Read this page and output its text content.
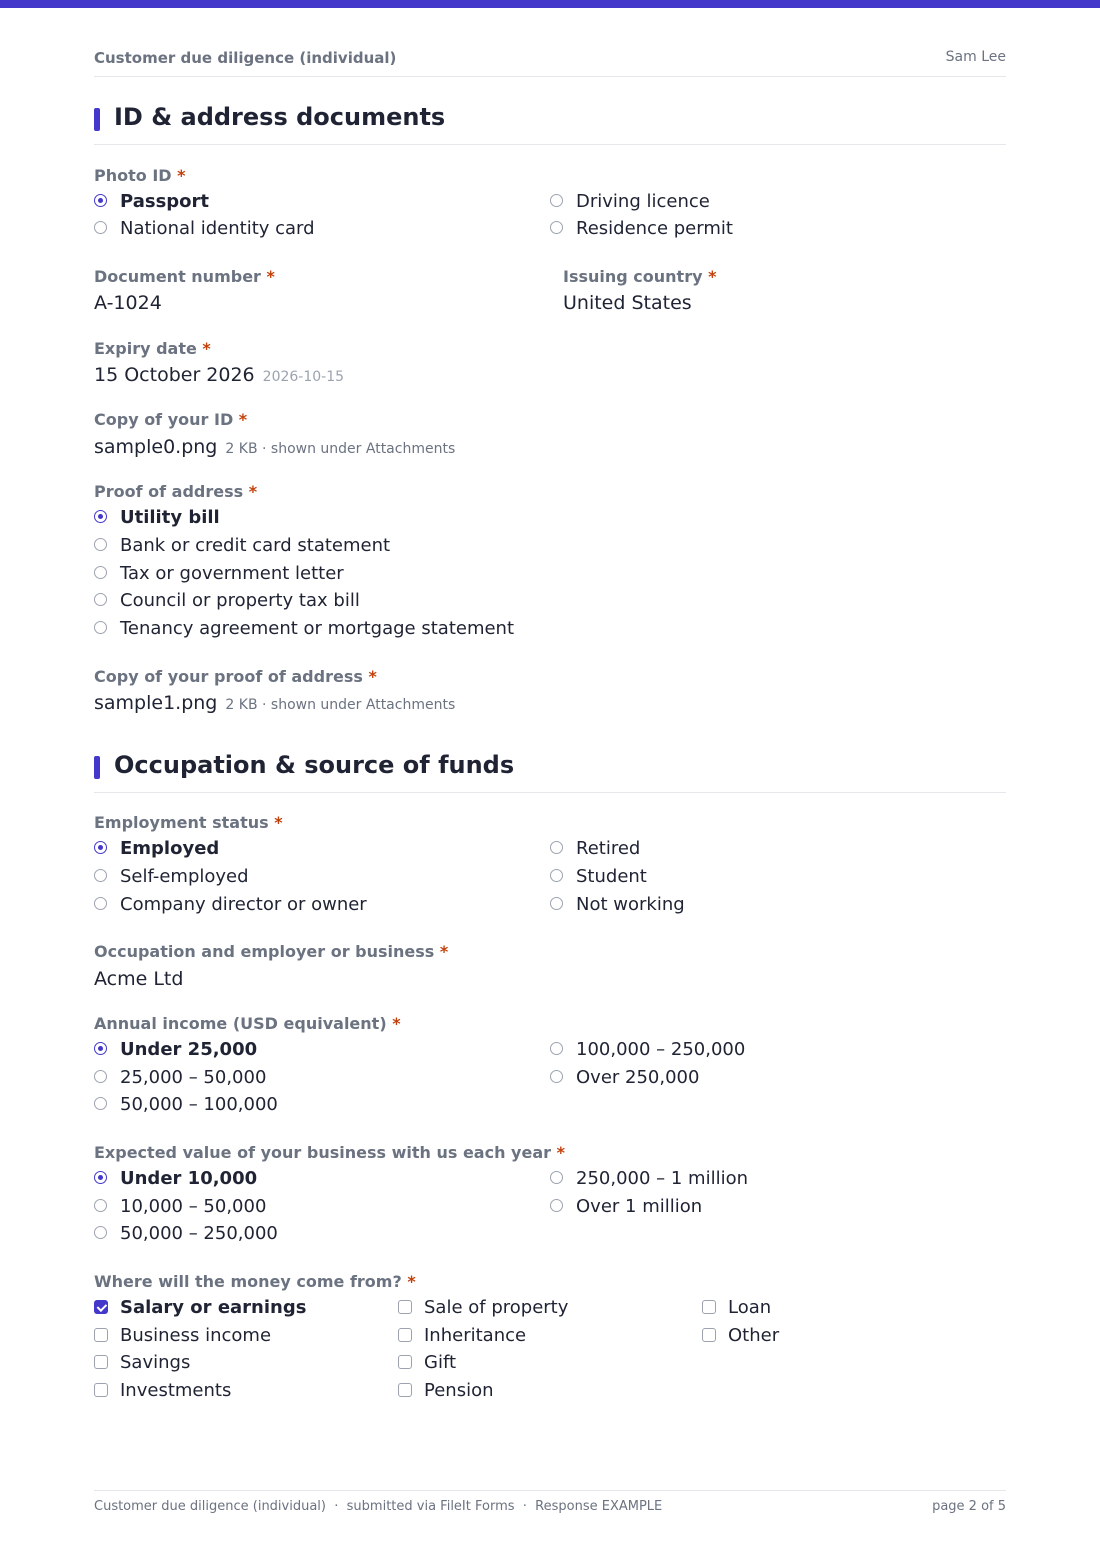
Customer due diligence (individual)	Sam Lee
ID & address documents
Photo ID *
Passport
National identity card
Driving licence
Residence permit
Document number *
A-1024
Issuing country *
United States
Expiry date *
15 October 2026 2026-10-15
Copy of your ID *
sample0.png 2 KB · shown under Attachments
Proof of address *
Utility bill
Bank or credit card statement
Tax or government letter
Council or property tax bill
Tenancy agreement or mortgage statement
Copy of your proof of address *
sample1.png 2 KB · shown under Attachments
Occupation & source of funds
Employment status *
Employed
Self-employed
Company director or owner
Retired
Student
Not working
Occupation and employer or business *
Acme Ltd
Annual income (USD equivalent) *
Under 25,000
25,000 – 50,000
50,000 – 100,000
100,000 – 250,000
Over 250,000
Expected value of your business with us each year *
Under 10,000
10,000 – 50,000
50,000 – 250,000
250,000 – 1 million
Over 1 million
Where will the money come from? *
Salary or earnings
Business income
Savings
Investments
Sale of property
Inheritance
Gift
Pension
Loan
Other
Customer due diligence (individual)  ·  submitted via FileIt Forms  ·  Response EXAMPLE	page 2 of 5
